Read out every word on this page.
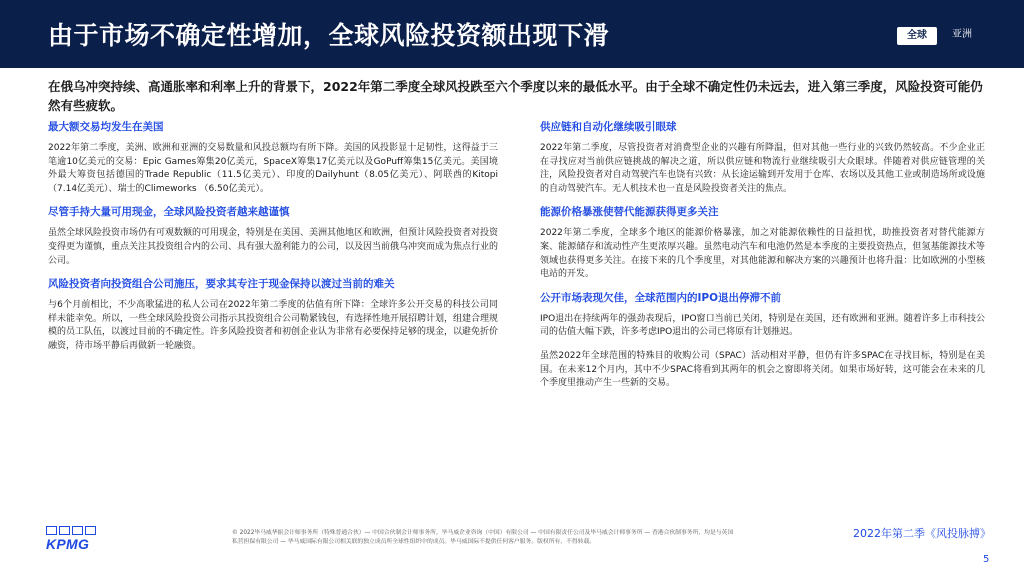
由于市场不确定性增加，全球风险投资额出现下滑	全球	亚洲
在俄乌冲突持续、高通胀率和利率上升的背景下，2022年第二季度全球风投跌至六个季度以来的最低水平。由于全球不确定性仍未远去，进入第三季度，风险投资可能仍然有些疲软。
最大额交易均发生在美国
2022年第二季度，美洲、欧洲和亚洲的交易数量和风投总额均有所下降。美国的风投影显十足韧性，这得益于三笔逾10亿美元的交易：Epic Games筹集20亿美元，SpaceX筹集17亿美元以及GoPuff筹集15亿美元。美国境外最大筹资包括德国的Trade Republic（11.5亿美元）、印度的Dailyhunt（8.05亿美元）、阿联酋的Kitopi（7.14亿美元）、瑞士的Climeworks （6.50亿美元）。
尽管手持大量可用现金，全球风险投资者越来越谨慎
虽然全球风险投资市场仍有可观数额的可用现金，特别是在美国、美洲其他地区和欧洲，但预计风险投资者对投资变得更为谨慎，重点关注其投资组合内的公司、具有强大盈利能力的公司，以及因当前俄乌冲突而成为焦点行业的公司。
风险投资者向投资组合公司施压，要求其专注于现金保持以渡过当前的难关
与6个月前相比，不少高歌猛进的私人公司在2022年第二季度的估值有所下降：全球许多公开交易的科技公司同样未能幸免。所以，一些全球风险投资公司指示其投资组合公司勒紧钱包，有选择性地开展招聘计划，组建合理规模的员工队伍，以渡过目前的不确定性。许多风险投资者和初创企业认为非常有必要保持足够的现金，以避免折价融资，待市场平静后再做新一轮融资。
供应链和自动化继续吸引眼球
2022年第二季度，尽管投资者对消费型企业的兴趣有所降温，但对其他一些行业的兴致仍然较高。不少企业正在寻找应对当前供应链挑战的解决之道，所以供应链和物流行业继续吸引大众眼球。伴随着对供应链管理的关注，风险投资者对自动驾驶汽车也饶有兴致：从长途运输到开发用于仓库、农场以及其他工业或制造场所或设施的自动驾驶汽车。无人机技术也一直是风险投资者关注的焦点。
能源价格暴涨使替代能源获得更多关注
2022年第二季度，全球多个地区的能源价格暴涨，加之对能源依赖性的日益担忧，助推投资者对替代能源方案、能源储存和流动性产生更浓厚兴趣。虽然电动汽车和电池仍然是本季度的主要投资热点，但氢基能源技术等领域也获得更多关注。在接下来的几个季度里，对其他能源和解决方案的兴趣预计也将升温：比如欧洲的小型核电站的开发。
公开市场表现欠佳，全球范围内的IPO退出停滞不前
IPO退出在持续两年的强劲表现后，IPO窗口当前已关闭，特别是在美国，还有欧洲和亚洲。随着许多上市科技公司的估值大幅下跌，许多考虑IPO退出的公司已将原有计划推迟。
虽然2022年全球范围的特殊目的收购公司（SPAC）活动相对平静，但仍有许多SPAC在寻找目标，特别是在美国。在未来12个月内，其中不少SPAC将看到其两年的机会之窗即将关闭。如果市场好转，这可能会在未来的几个季度里推动产生一些新的交易。
KPMG
© 2022毕马威华振会计师事务所（特殊普通合伙）— 中国合伙制会计师事务所，毕马威企业咨询（中国）有限公司 — 中国有限责任公司及毕马威会计师事务所 — 香港合伙制事务所，均是与英国私营担保有限公司 — 毕马威国际有限公司相关联的独立成员所全球性组织中的成员。毕马威国际不提供任何客户服务。版权所有，不得转载。
2022年第二季《风投脉搏》
5
